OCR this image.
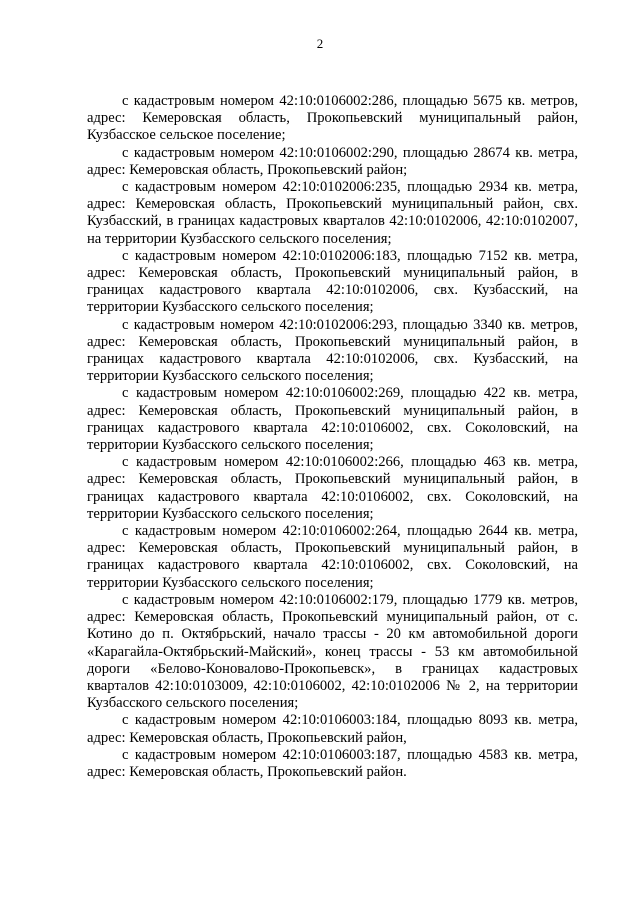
2

с кадастровым номером 42:10:0106002:286, площадью 5675 кв. метров, адрес: Кемеровская область, Прокопьевский муниципальный район, Кузбасское сельское поселение;

с кадастровым номером 42:10:0106002:290, площадью 28674 кв. метра, адрес: Кемеровская область, Прокопьевский район;

с кадастровым номером 42:10:0102006:235, площадью 2934 кв. метра, адрес: Кемеровская область, Прокопьевский муниципальный район, свх. Кузбасский, в границах кадастровых кварталов 42:10:0102006, 42:10:0102007, на территории Кузбасского сельского поселения;

с кадастровым номером 42:10:0102006:183, площадью 7152 кв. метра, адрес: Кемеровская область, Прокопьевский муниципальный район, в границах кадастрового квартала 42:10:0102006, свх. Кузбасский, на территории Кузбасского сельского поселения;

с кадастровым номером 42:10:0102006:293, площадью 3340 кв. метров, адрес: Кемеровская область, Прокопьевский муниципальный район, в границах кадастрового квартала 42:10:0102006, свх. Кузбасский, на территории Кузбасского сельского поселения;

с кадастровым номером 42:10:0106002:269, площадью 422 кв. метра, адрес: Кемеровская область, Прокопьевский муниципальный район, в границах кадастрового квартала 42:10:0106002, свх. Соколовский, на территории Кузбасского сельского поселения;

с кадастровым номером 42:10:0106002:266, площадью 463 кв. метра, адрес: Кемеровская область, Прокопьевский муниципальный район, в границах кадастрового квартала 42:10:0106002, свх. Соколовский, на территории Кузбасского сельского поселения;

с кадастровым номером 42:10:0106002:264, площадью 2644 кв. метра, адрес: Кемеровская область, Прокопьевский муниципальный район, в границах кадастрового квартала 42:10:0106002, свх. Соколовский, на территории Кузбасского сельского поселения;

с кадастровым номером 42:10:0106002:179, площадью 1779 кв. метров, адрес: Кемеровская область, Прокопьевский муниципальный район, от с. Котино до п. Октябрьский, начало трассы - 20 км автомобильной дороги «Карагайла-Октябрьский-Майский», конец трассы - 53 км автомобильной дороги «Белово-Коновалово-Прокопьевск», в границах кадастровых кварталов 42:10:0103009, 42:10:0106002, 42:10:0102006 № 2, на территории Кузбасского сельского поселения;

с кадастровым номером 42:10:0106003:184, площадью 8093 кв. метра, адрес: Кемеровская область, Прокопьевский район,

с кадастровым номером 42:10:0106003:187, площадью 4583 кв. метра, адрес: Кемеровская область, Прокопьевский район.
